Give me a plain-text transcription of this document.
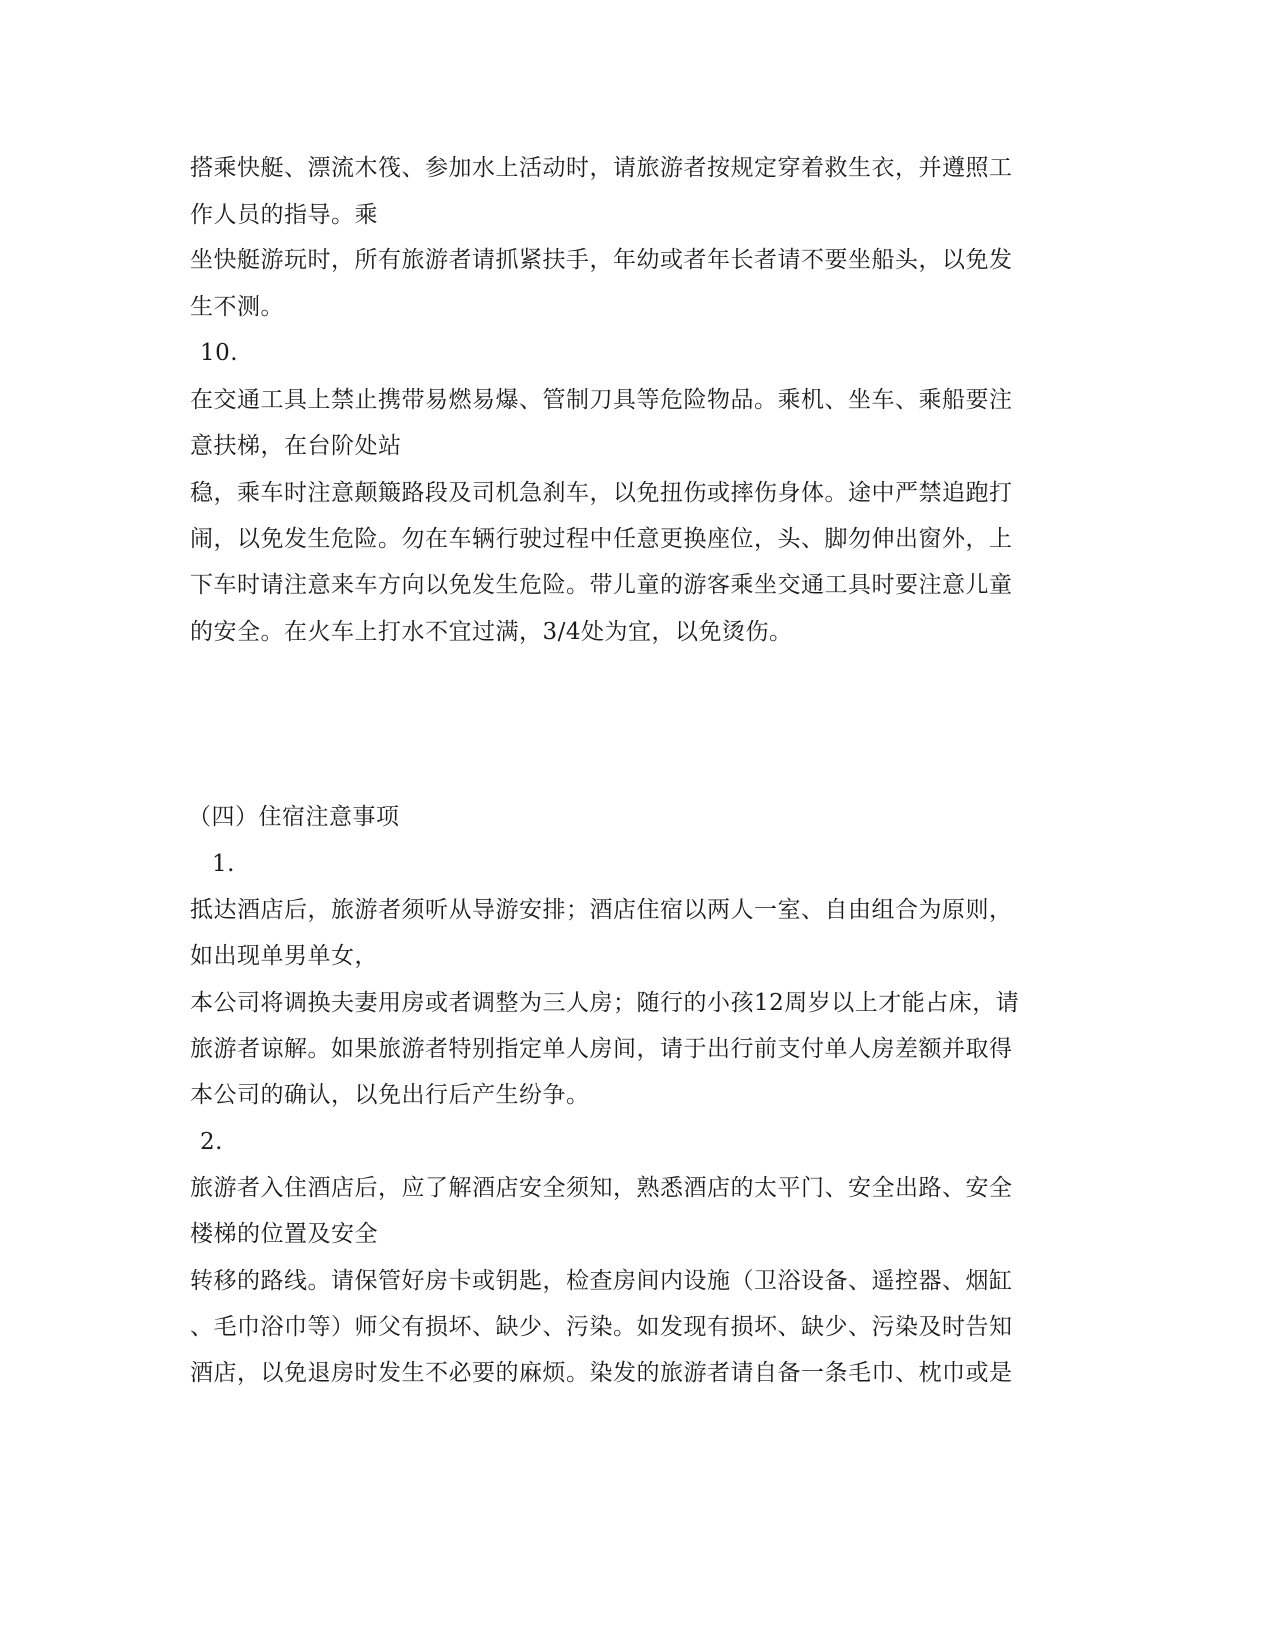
搭乘快艇、漂流木筏、参加水上活动时，请旅游者按规定穿着救生衣，并遵照工
作人员的指导。乘
坐快艇游玩时，所有旅游者请抓紧扶手，年幼或者年长者请不要坐船头，以免发
生不测。
10.
在交通工具上禁止携带易燃易爆、管制刀具等危险物品。乘机、坐车、乘船要注
意扶梯，在台阶处站
稳，乘车时注意颠簸路段及司机急刹车，以免扭伤或摔伤身体。途中严禁追跑打
闹，以免发生危险。勿在车辆行驶过程中任意更换座位，头、脚勿伸出窗外，上
下车时请注意来车方向以免发生危险。带儿童的游客乘坐交通工具时要注意儿童
的安全。在火车上打水不宜过满，3/4处为宜，以免烫伤。
（四）住宿注意事项
1.
抵达酒店后，旅游者须听从导游安排；酒店住宿以两人一室、自由组合为原则，
如出现单男单女，
本公司将调换夫妻用房或者调整为三人房；随行的小孩12周岁以上才能占床，请
旅游者谅解。如果旅游者特别指定单人房间，请于出行前支付单人房差额并取得
本公司的确认，以免出行后产生纷争。
2.
旅游者入住酒店后，应了解酒店安全须知，熟悉酒店的太平门、安全出路、安全
楼梯的位置及安全
转移的路线。请保管好房卡或钥匙，检查房间内设施（卫浴设备、遥控器、烟缸
、毛巾浴巾等）师父有损坏、缺少、污染。如发现有损坏、缺少、污染及时告知
酒店，以免退房时发生不必要的麻烦。染发的旅游者请自备一条毛巾、枕巾或是
